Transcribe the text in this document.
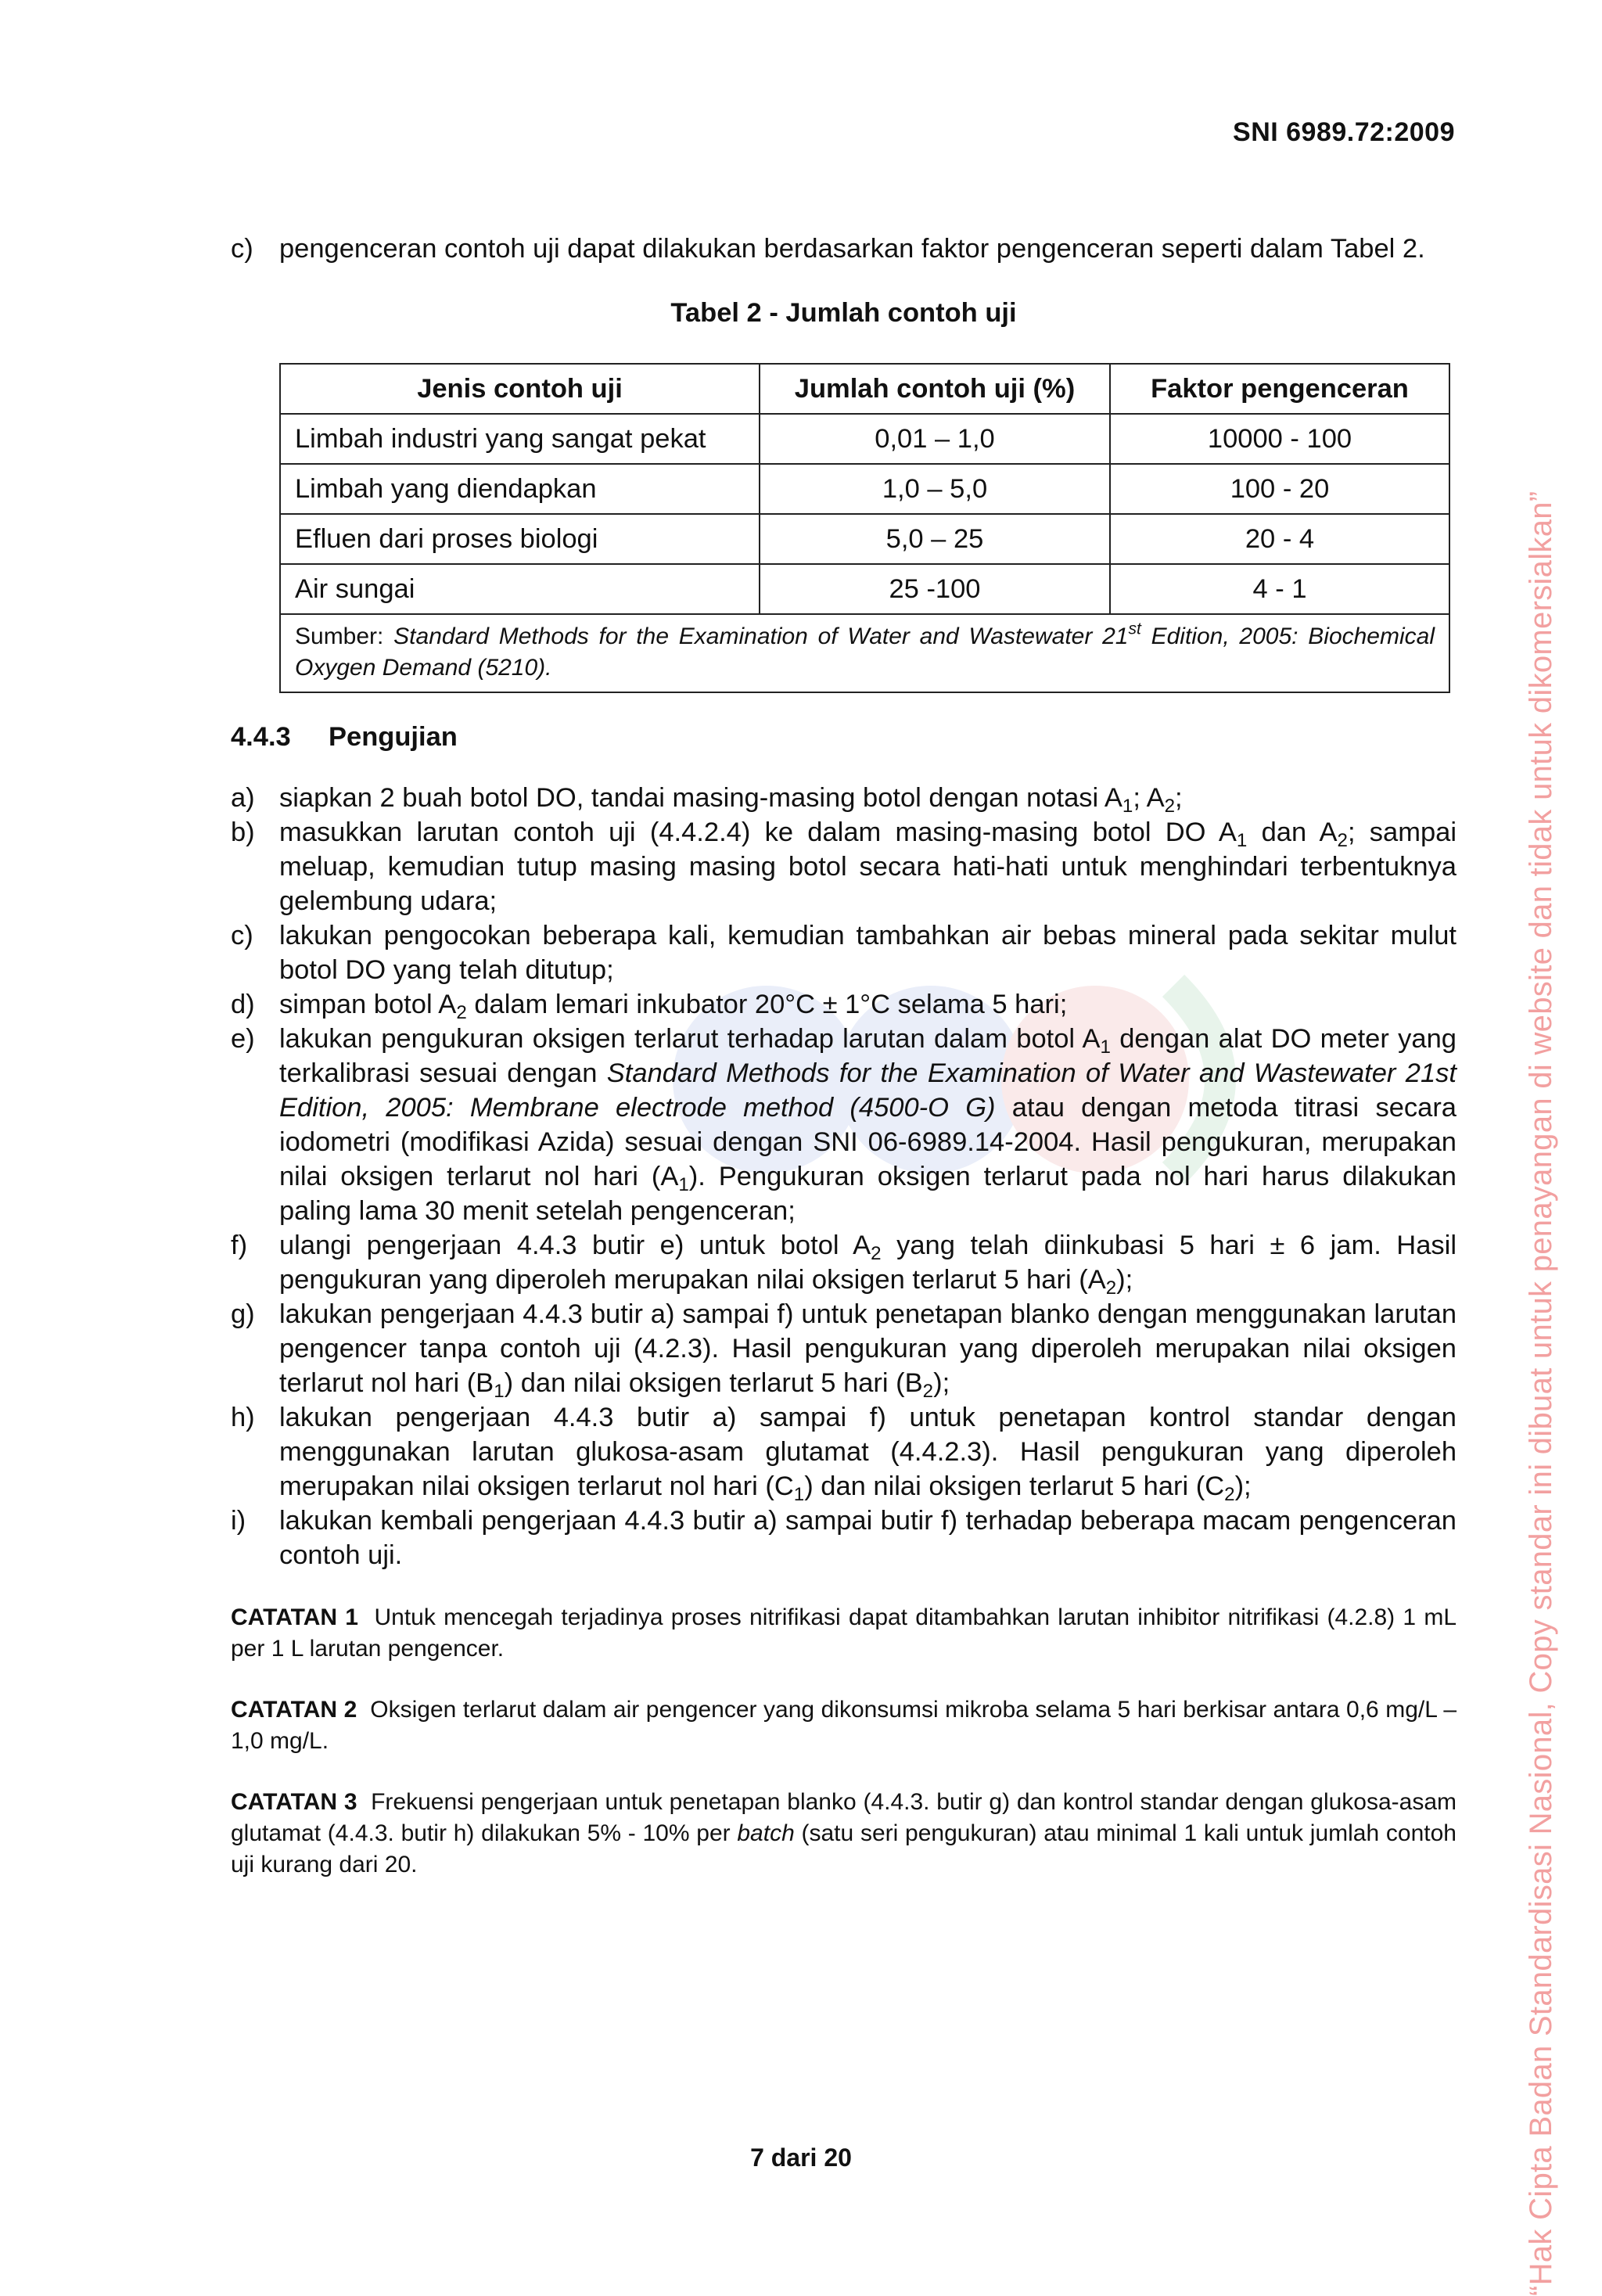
SNI 6989.72:2009
c) pengenceran contoh uji dapat dilakukan berdasarkan faktor pengenceran seperti dalam Tabel 2.
Tabel 2 - Jumlah contoh uji
Jenis contoh uji	Jumlah contoh uji (%)	Faktor pengenceran
Limbah industri yang sangat pekat	0,01 – 1,0	10000 - 100
Limbah yang diendapkan	1,0 – 5,0	100 - 20
Efluen dari proses biologi	5,0 – 25	20 - 4
Air sungai	25 -100	4 - 1
Sumber: Standard Methods for the Examination of Water and Wastewater 21st Edition, 2005: Biochemical Oxygen Demand (5210).		
4.4.3	Pengujian
a) siapkan 2 buah botol DO, tandai masing-masing botol dengan notasi $A_1$; $A_2$;
b) masukkan larutan contoh uji (4.4.2.4) ke dalam masing-masing botol DO $A_1$ dan $A_2$; sampai meluap, kemudian tutup masing masing botol secara hati-hati untuk menghindari terbentuknya gelembung udara;
c) lakukan pengocokan beberapa kali, kemudian tambahkan air bebas mineral pada sekitar mulut botol DO yang telah ditutup;
d) simpan botol $A_2$ dalam lemari inkubator 20°C ± 1°C selama 5 hari;
e) lakukan pengukuran oksigen terlarut terhadap larutan dalam botol $A_1$ dengan alat DO meter yang terkalibrasi sesuai dengan Standard Methods for the Examination of Water and Wastewater 21st Edition, 2005: Membrane electrode method (4500-O G) atau dengan metoda titrasi secara iodometri (modifikasi Azida) sesuai dengan SNI 06-6989.14-2004. Hasil pengukuran, merupakan nilai oksigen terlarut nol hari $(A_1)$. Pengukuran oksigen terlarut pada nol hari harus dilakukan paling lama 30 menit setelah pengenceran;
f)	ulangi pengerjaan 4.4.3 butir e) untuk botol $A_2$ yang telah diinkubasi 5 hari ± 6 jam. Hasil pengukuran yang diperoleh merupakan nilai oksigen terlarut 5 hari $(A_2)$;
g) lakukan pengerjaan 4.4.3 butir a) sampai f) untuk penetapan blanko dengan menggunakan larutan pengencer tanpa contoh uji (4.2.3). Hasil pengukuran yang diperoleh merupakan nilai oksigen terlarut nol hari $(B_1)$ dan nilai oksigen terlarut 5 hari $(B_2)$;
h) lakukan pengerjaan 4.4.3 butir a) sampai f) untuk penetapan kontrol standar dengan menggunakan larutan glukosa-asam glutamat (4.4.2.3). Hasil pengukuran yang diperoleh merupakan nilai oksigen terlarut nol hari $(C_1)$ dan nilai oksigen terlarut 5 hari $(C_2)$;
i)	lakukan kembali pengerjaan 4.4.3 butir a) sampai butir f) terhadap beberapa macam pengenceran contoh uji.
CATATAN 1 Untuk mencegah terjadinya proses nitrifikasi dapat ditambahkan larutan inhibitor nitrifikasi (4.2.8) 1 mL per 1 L larutan pengencer.
CATATAN 2 Oksigen terlarut dalam air pengencer yang dikonsumsi mikroba selama 5 hari berkisar antara 0,6 mg/L – 1,0 mg/L.
CATATAN 3 Frekuensi pengerjaan untuk penetapan blanko (4.4.3. butir g) dan kontrol standar dengan glukosa-asam glutamat (4.4.3. butir h) dilakukan 5% - 10% per batch (satu seri pengukuran) atau minimal 1 kali untuk jumlah contoh uji kurang dari 20.
7 dari 20	“Hak Cipta Badan Standardisasi Nasional, Copy standar ini dibuat untuk penayangan di website dan tidak untuk dikomersialkan”
